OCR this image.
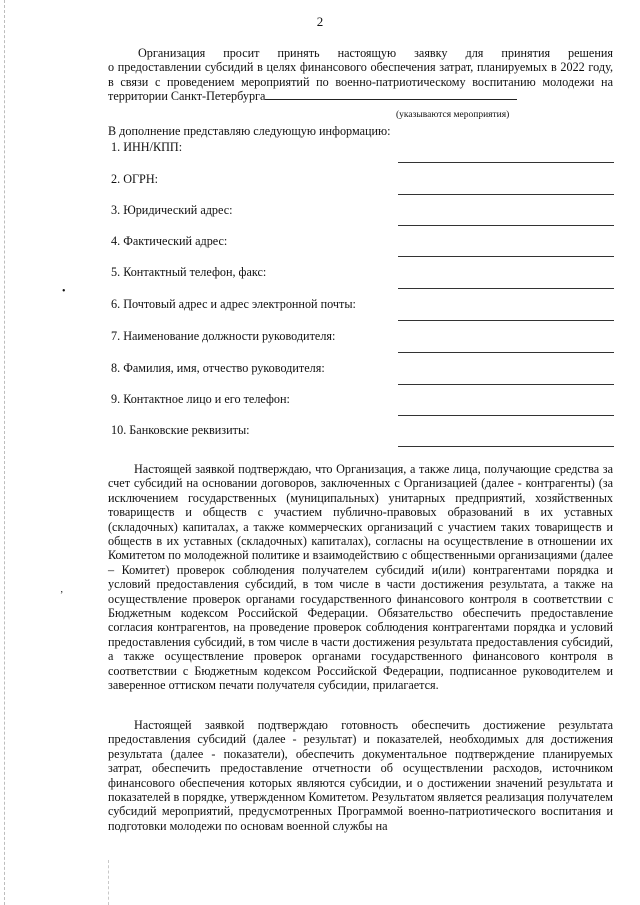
2

Организация просит принять настоящую заявку для принятия решения
о предоставлении субсидий в целях финансового обеспечения затрат, планируемых в 2022 году, в связи с проведением мероприятий по военно-патриотическому воспитанию молодежи на территории Санкт-Петербурга

(указываются мероприятия)
В дополнение представляю следующую информацию:
1. ИНН/КПП:
2. ОГРН:
3. Юридический адрес:
4. Фактический адрес:
5. Контактный телефон, факс:
6. Почтовый адрес и адрес электронной почты:
7. Наименование должности руководителя:
8. Фамилия, имя, отчество руководителя:
9. Контактное лицо и его телефон:
10. Банковские реквизиты:
•
‚

Настоящей заявкой подтверждаю, что Организация, а также лица, получающие средства за счет субсидий на основании договоров, заключенных с Организацией (далее - контрагенты) (за исключением государственных (муниципальных) унитарных предприятий, хозяйственных товариществ и обществ с участием публично-правовых образований в их уставных (складочных) капиталах, а также коммерческих организаций с участием таких товариществ и обществ в их уставных (складочных) капиталах), согласны на осуществление в отношении их Комитетом по молодежной политике и взаимодействию с общественными организациями (далее – Комитет) проверок соблюдения получателем субсидий и(или) контрагентами порядка и условий предоставления субсидий, в том числе в части достижения результата, а также на осуществление проверок органами государственного финансового контроля в соответствии с Бюджетным кодексом Российской Федерации. Обязательство обеспечить предоставление согласия контрагентов, на проведение проверок соблюдения контрагентами порядка и условий предоставления субсидий, в том числе в части достижения результата предоставления субсидий, а также осуществление проверок органами государственного финансового контроля в соответствии с Бюджетным кодексом Российской Федерации, подписанное руководителем и заверенное оттиском печати получателя субсидии, прилагается.

Настоящей заявкой подтверждаю готовность обеспечить достижение результата предоставления субсидий (далее - результат) и показателей, необходимых для достижения результата (далее - показатели), обеспечить документальное подтверждение планируемых затрат, обеспечить предоставление отчетности об осуществлении расходов, источником финансового обеспечения которых являются субсидии, и о достижении значений результата и показателей в порядке, утвержденном Комитетом. Результатом является реализация получателем субсидий мероприятий, предусмотренных Программой военно-патриотического воспитания и подготовки молодежи по основам военной службы на
